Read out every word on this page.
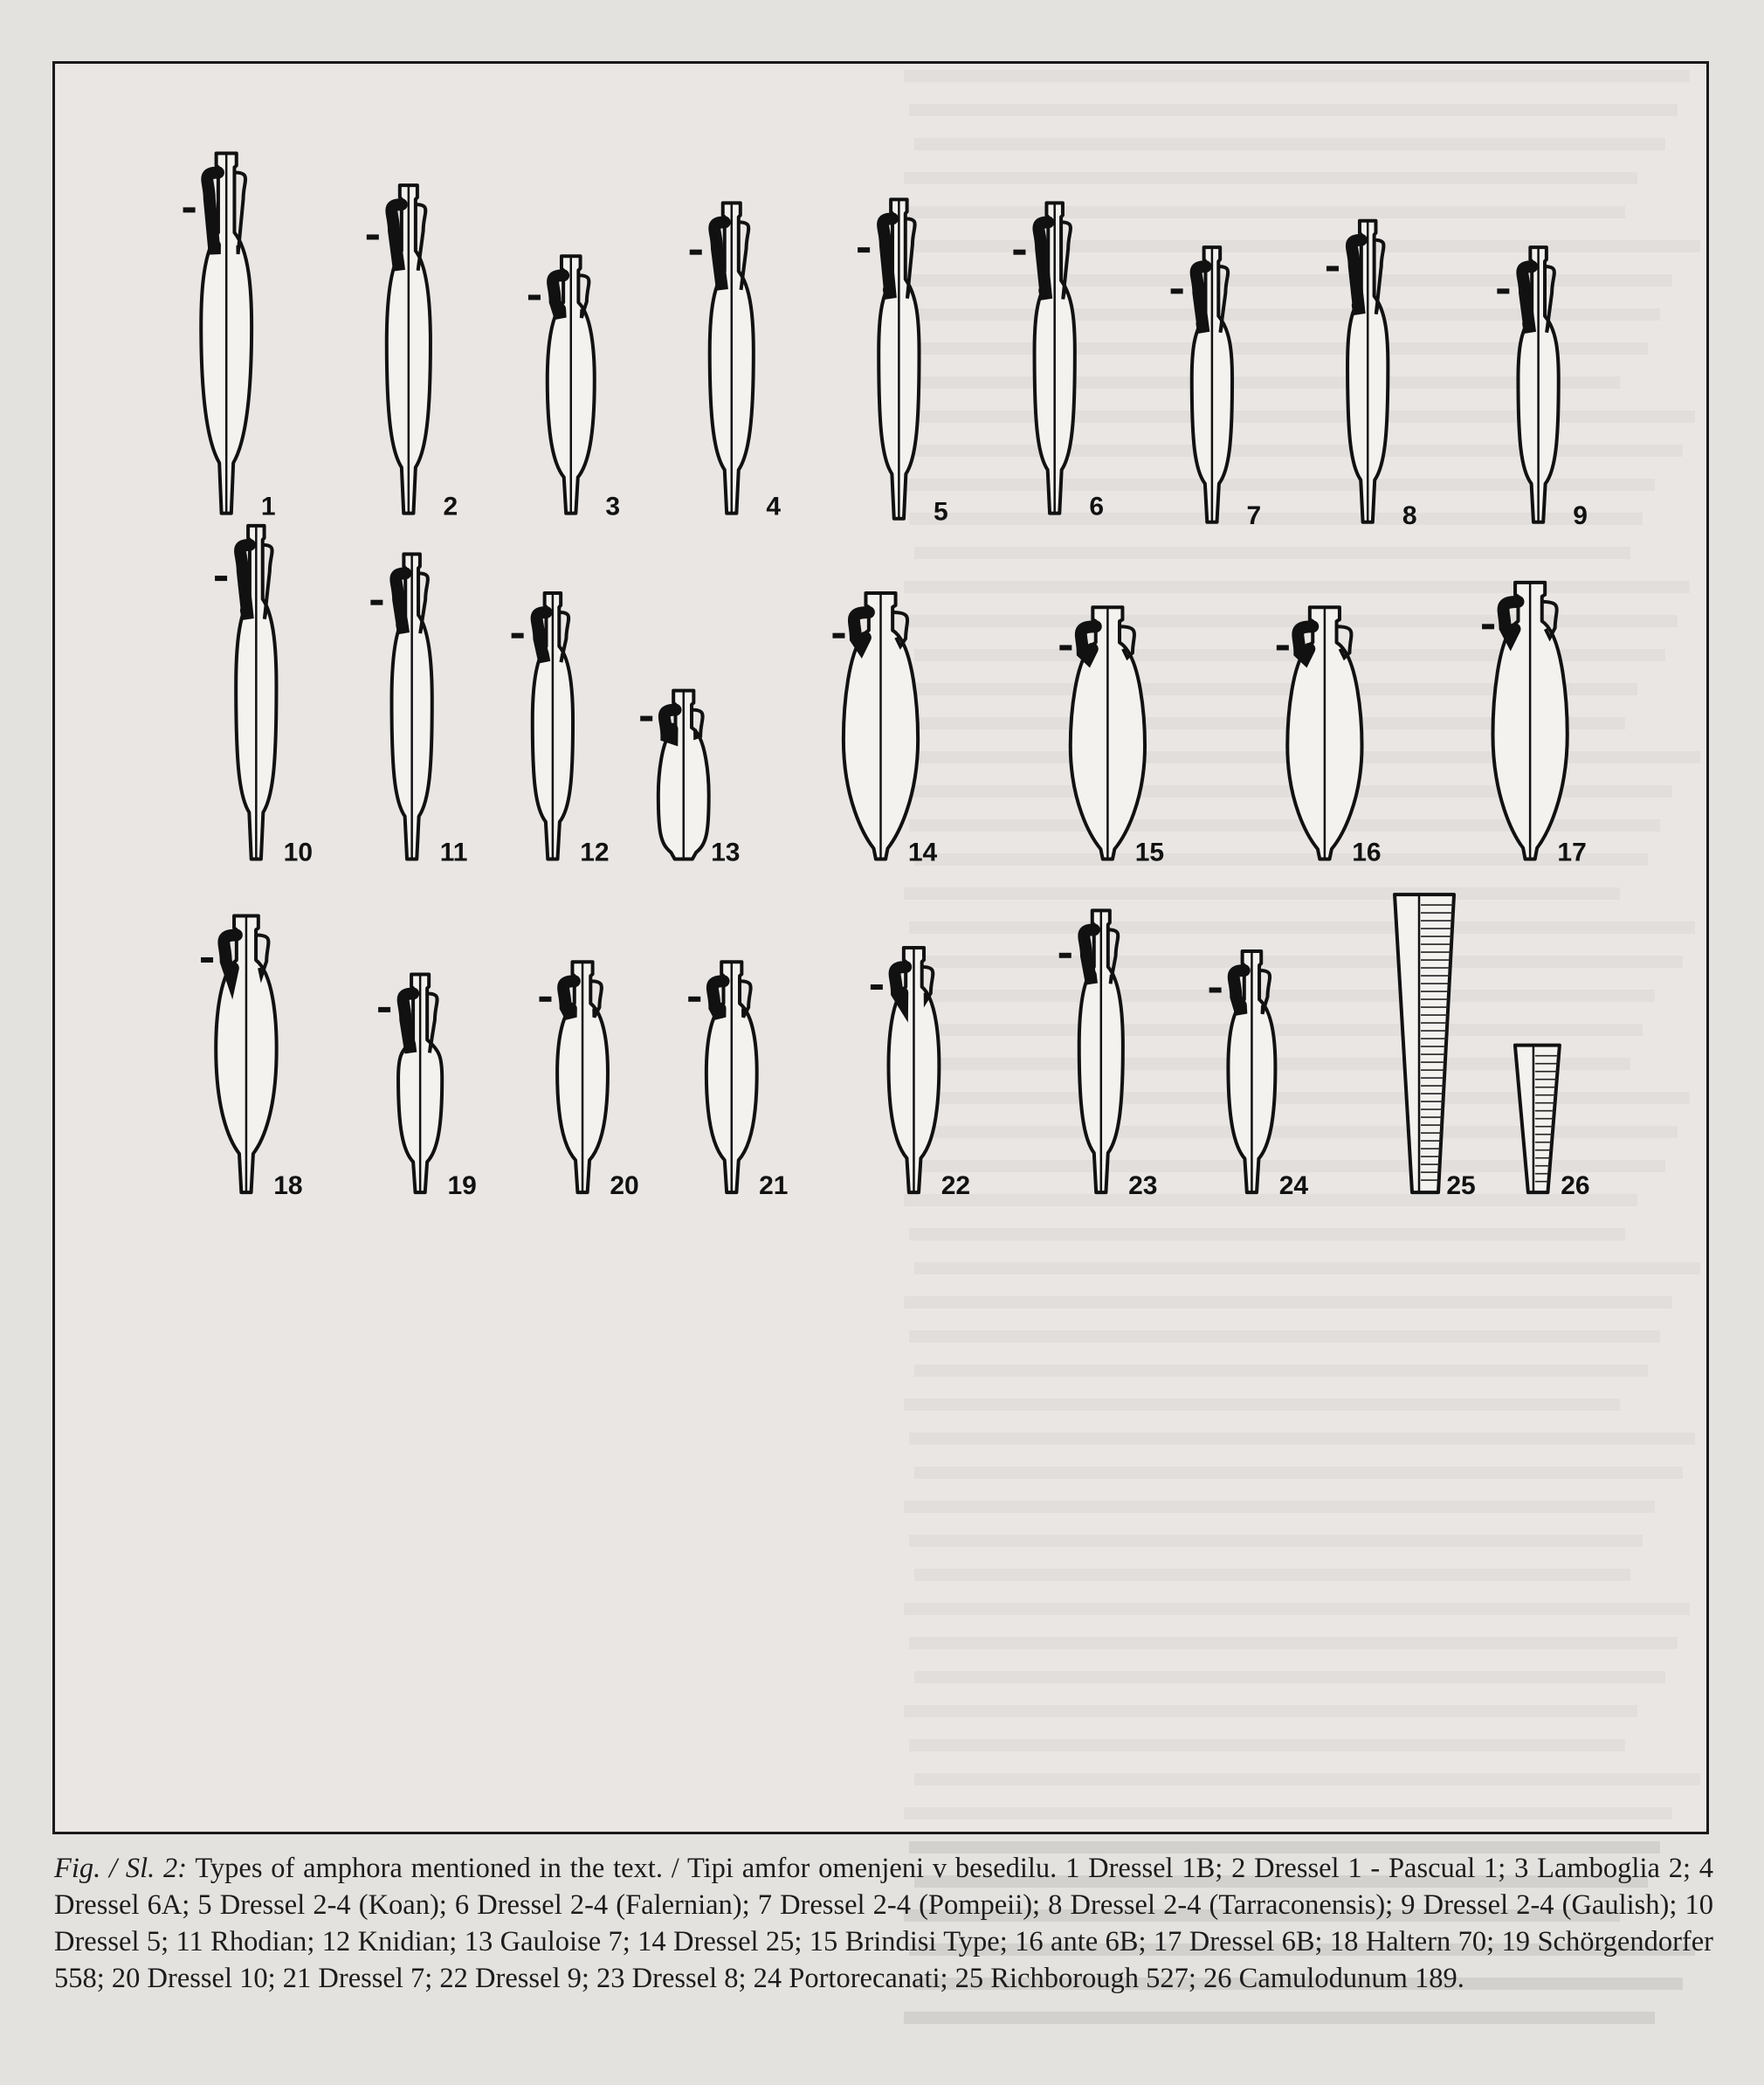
1	2	3	4	5	6	7	8	9
10	11	12	13	14	15	16	17
18	19	20	21	22	23	24	25	26
Fig. / Sl. 2: Types of amphora mentioned in the text. / Tipi amfor omenjeni v besedilu. 1 Dressel 1B; 2 Dressel 1 - Pascual 1; 3 Lamboglia 2; 4 Dressel 6A; 5 Dressel 2-4 (Koan); 6 Dressel 2-4 (Falernian); 7 Dressel 2-4 (Pompeii); 8 Dressel 2-4 (Tarraconensis); 9 Dressel 2-4 (Gaulish); 10 Dressel 5; 11 Rhodian; 12 Knidian; 13 Gauloise 7; 14 Dressel 25; 15 Brindisi Type; 16 ante 6B; 17 Dressel 6B; 18 Haltern 70; 19 Schörgendorfer 558; 20 Dressel 10; 21 Dressel 7; 22 Dressel 9; 23 Dressel 8; 24 Portorecanati; 25 Richborough 527; 26 Camulodunum 189.
